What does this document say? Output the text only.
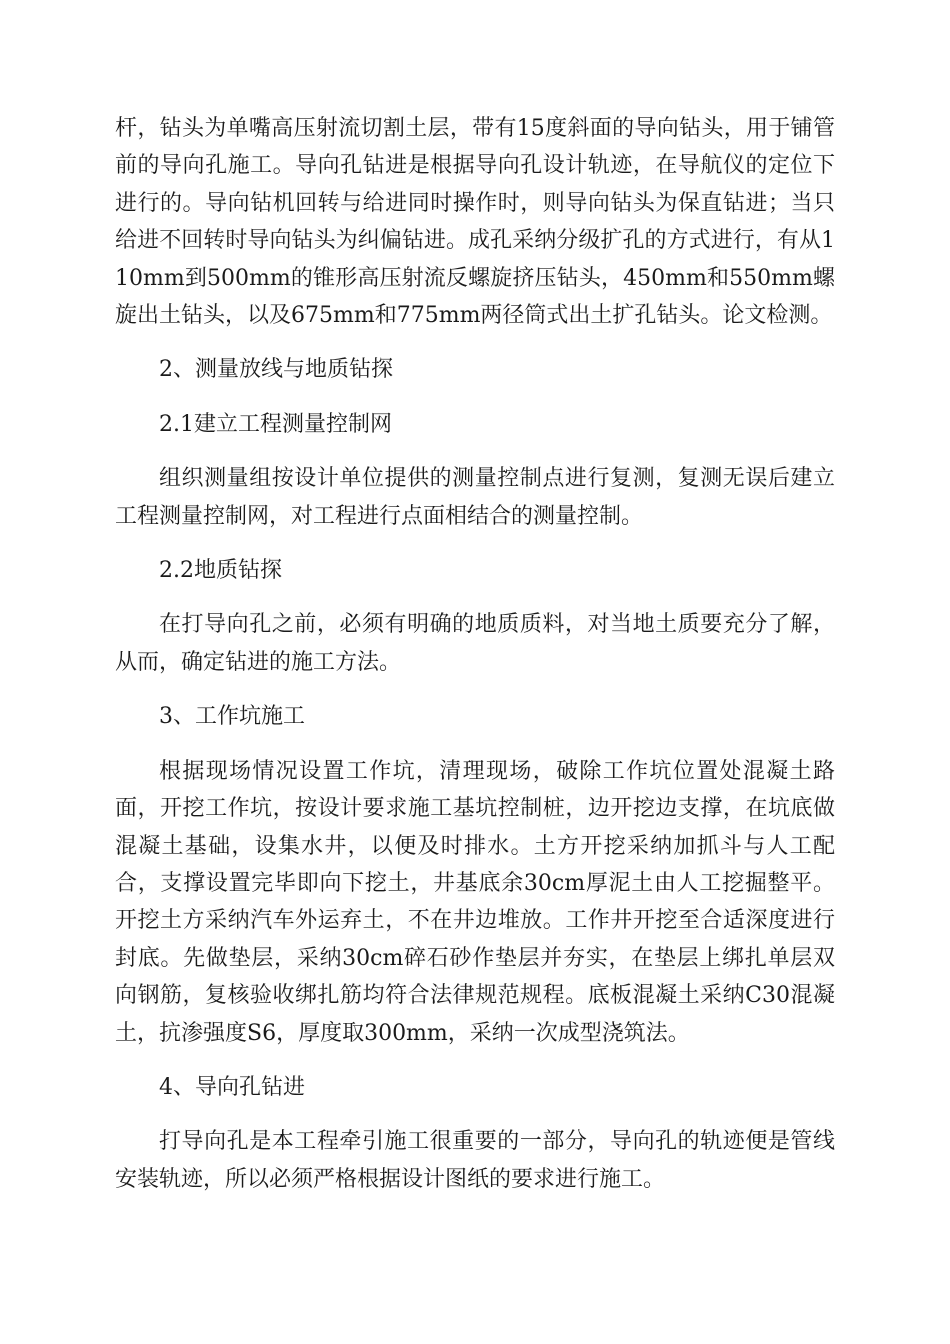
杆，钻头为单嘴高压射流切割土层，带有15度斜面的导向钻头，用于铺管前的导向孔施工。导向孔钻进是根据导向孔设计轨迹，在导航仪的定位下进行的。导向钻机回转与给进同时操作时，则导向钻头为保直钻进；当只给进不回转时导向钻头为纠偏钻进。成孔采纳分级扩孔的方式进行，有从110mm到500mm的锥形高压射流反螺旋挤压钻头，450mm和550mm螺旋出土钻头，以及675mm和775mm两径筒式出土扩孔钻头。论文检测。

2、测量放线与地质钻探

2.1建立工程测量控制网

组织测量组按设计单位提供的测量控制点进行复测，复测无误后建立工程测量控制网，对工程进行点面相结合的测量控制。

2.2地质钻探

在打导向孔之前，必须有明确的地质质料，对当地土质要充分了解，从而，确定钻进的施工方法。

3、工作坑施工

根据现场情况设置工作坑，清理现场，破除工作坑位置处混凝土路面，开挖工作坑，按设计要求施工基坑控制桩，边开挖边支撑，在坑底做混凝土基础，设集水井，以便及时排水。土方开挖采纳加抓斗与人工配合，支撑设置完毕即向下挖土，井基底余30cm厚泥土由人工挖掘整平。开挖土方采纳汽车外运弃土，不在井边堆放。工作井开挖至合适深度进行封底。先做垫层，采纳30cm碎石砂作垫层并夯实，在垫层上绑扎单层双向钢筋，复核验收绑扎筋均符合法律规范规程。底板混凝土采纳C30混凝土，抗渗强度S6，厚度取300mm，采纳一次成型浇筑法。

4、导向孔钻进

打导向孔是本工程牵引施工很重要的一部分，导向孔的轨迹便是管线安装轨迹，所以必须严格根据设计图纸的要求进行施工。
